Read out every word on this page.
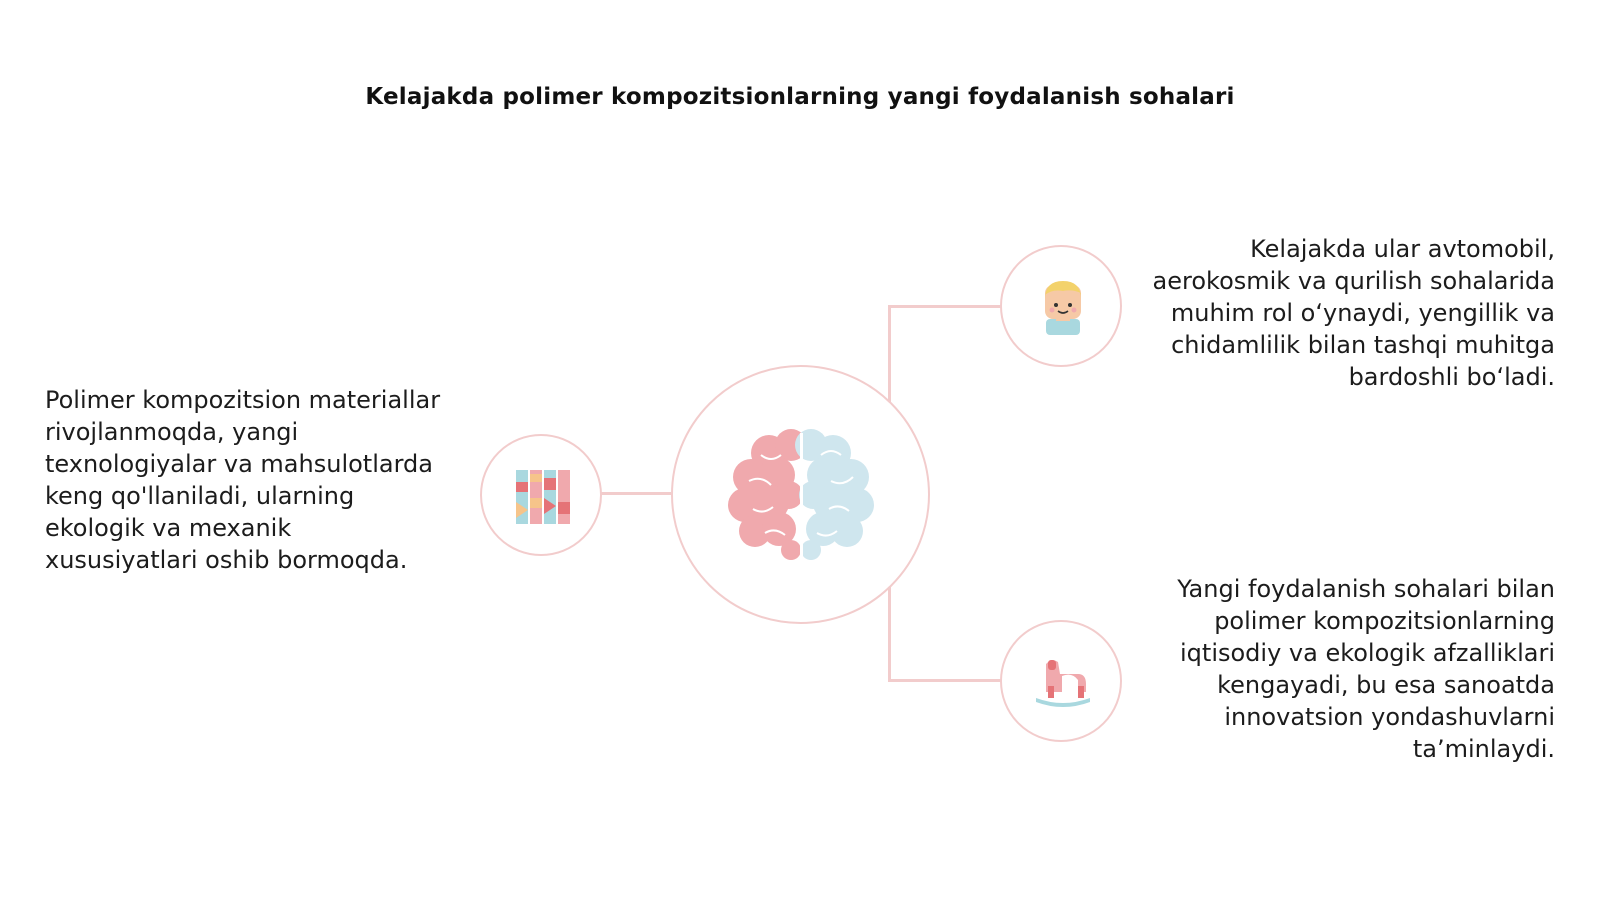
Kelajakda polimer kompozitsionlarning yangi foydalanish sohalari
Polimer kompozitsion materiallar rivojlanmoqda, yangi texnologiyalar va mahsulotlarda keng qo'llaniladi, ularning ekologik va mexanik xususiyatlari oshib bormoqda.
Kelajakda ular avtomobil, aerokosmik va qurilish sohalarida muhim rol oʻynaydi, yengillik va chidamlilik bilan tashqi muhitga bardoshli boʻladi.
Yangi foydalanish sohalari bilan polimer kompozitsionlarning iqtisodiy va ekologik afzalliklari kengayadi, bu esa sanoatda innovatsion yondashuvlarni taʼminlaydi.
